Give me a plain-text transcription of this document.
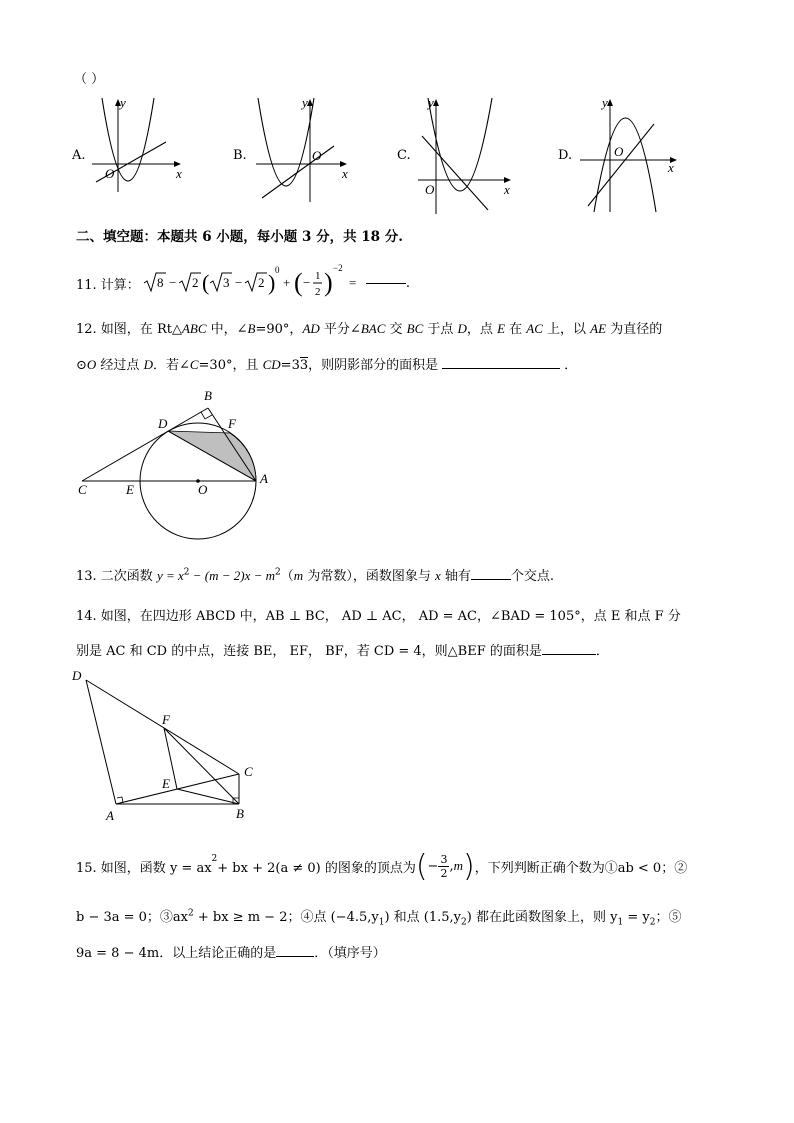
（ ）
A.	B.	C.	D.
y
x
O
y
x
O
y
x
O
y
x
O
二、填空题：本题共 6 小题，每小题 3 分，共 18 分.
11. 计算： 8 − 2 ( 3 − 2 ) 0
+ ( − 1
2 ) −2
=	.
12. 如图，在 Rt△ABC 中，∠B=90°，AD 平分∠BAC 交 BC 于点 D，点 E 在 AC 上，以 AE 为直径的
⊙O 经过点 D．若∠C=30°，且 CD=33，则阴影部分的面积是	．
B
D	F
A
C	E	O
13. 二次函数 $y = x^2 - (m - 2)x - m^2(m$ 为常数），函数图象与 x 轴有	个交点.
14. 如图，在四边形 ABCD 中，AB ⊥ BC， AD ⊥ AC， AD = AC，∠BAD = 105°，点 E 和点 F 分
别是 AC 和 CD 的中点，连接 BE， EF， BF，若 CD = 4，则△BEF 的面积是	．
D
F
C
E
A	B
15. 如图，函数 y = ax
$^2$
+ bx + 2(a ≠ 0) 的图象的顶点为 ( − $\frac{3}{2}$ , m ) ，下列判断正确个数为①ab < 0；②
b − 3a = 0；$③ax^2$ + bx ≥ m − 2；④点 $(-4.5,y_1)$ 和点 $(1.5,y_2)$ 都在此函数图象上，则 $y_1 = y_2$；⑤
9a = 8 − 4m．以上结论正确的是	．（填序号）
